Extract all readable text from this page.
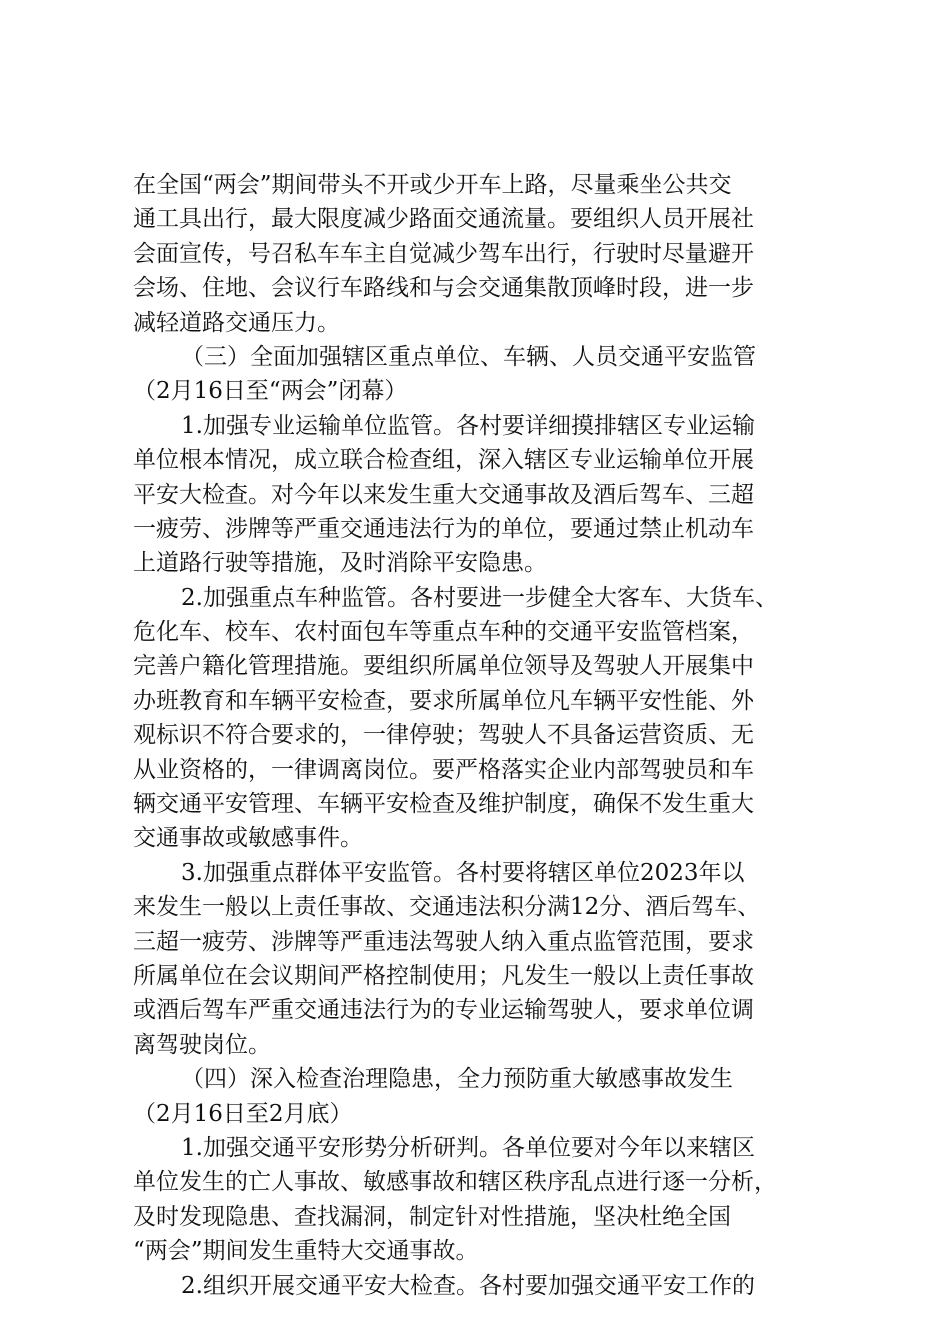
在全国“两会”期间带头不开或少开车上路，尽量乘坐公共交
通工具出行，最大限度减少路面交通流量。要组织人员开展社
会面宣传，号召私车车主自觉减少驾车出行，行驶时尽量避开
会场、住地、会议行车路线和与会交通集散顶峰时段，进一步
减轻道路交通压力。
（三）全面加强辖区重点单位、车辆、人员交通平安监管
（2月16日至“两会”闭幕）
1.加强专业运输单位监管。各村要详细摸排辖区专业运输
单位根本情况，成立联合检查组，深入辖区专业运输单位开展
平安大检查。对今年以来发生重大交通事故及酒后驾车、三超
一疲劳、涉牌等严重交通违法行为的单位，要通过禁止机动车
上道路行驶等措施，及时消除平安隐患。
2.加强重点车种监管。各村要进一步健全大客车、大货车、
危化车、校车、农村面包车等重点车种的交通平安监管档案，
完善户籍化管理措施。要组织所属单位领导及驾驶人开展集中
办班教育和车辆平安检查，要求所属单位凡车辆平安性能、外
观标识不符合要求的，一律停驶；驾驶人不具备运营资质、无
从业资格的，一律调离岗位。要严格落实企业内部驾驶员和车
辆交通平安管理、车辆平安检查及维护制度，确保不发生重大
交通事故或敏感事件。
3.加强重点群体平安监管。各村要将辖区单位2023年以
来发生一般以上责任事故、交通违法积分满12分、酒后驾车、
三超一疲劳、涉牌等严重违法驾驶人纳入重点监管范围，要求
所属单位在会议期间严格控制使用；凡发生一般以上责任事故
或酒后驾车严重交通违法行为的专业运输驾驶人，要求单位调
离驾驶岗位。
（四）深入检查治理隐患，全力预防重大敏感事故发生
（2月16日至2月底）
1.加强交通平安形势分析研判。各单位要对今年以来辖区
单位发生的亡人事故、敏感事故和辖区秩序乱点进行逐一分析，
及时发现隐患、查找漏洞，制定针对性措施，坚决杜绝全国
“两会”期间发生重特大交通事故。
2.组织开展交通平安大检查。各村要加强交通平安工作的
